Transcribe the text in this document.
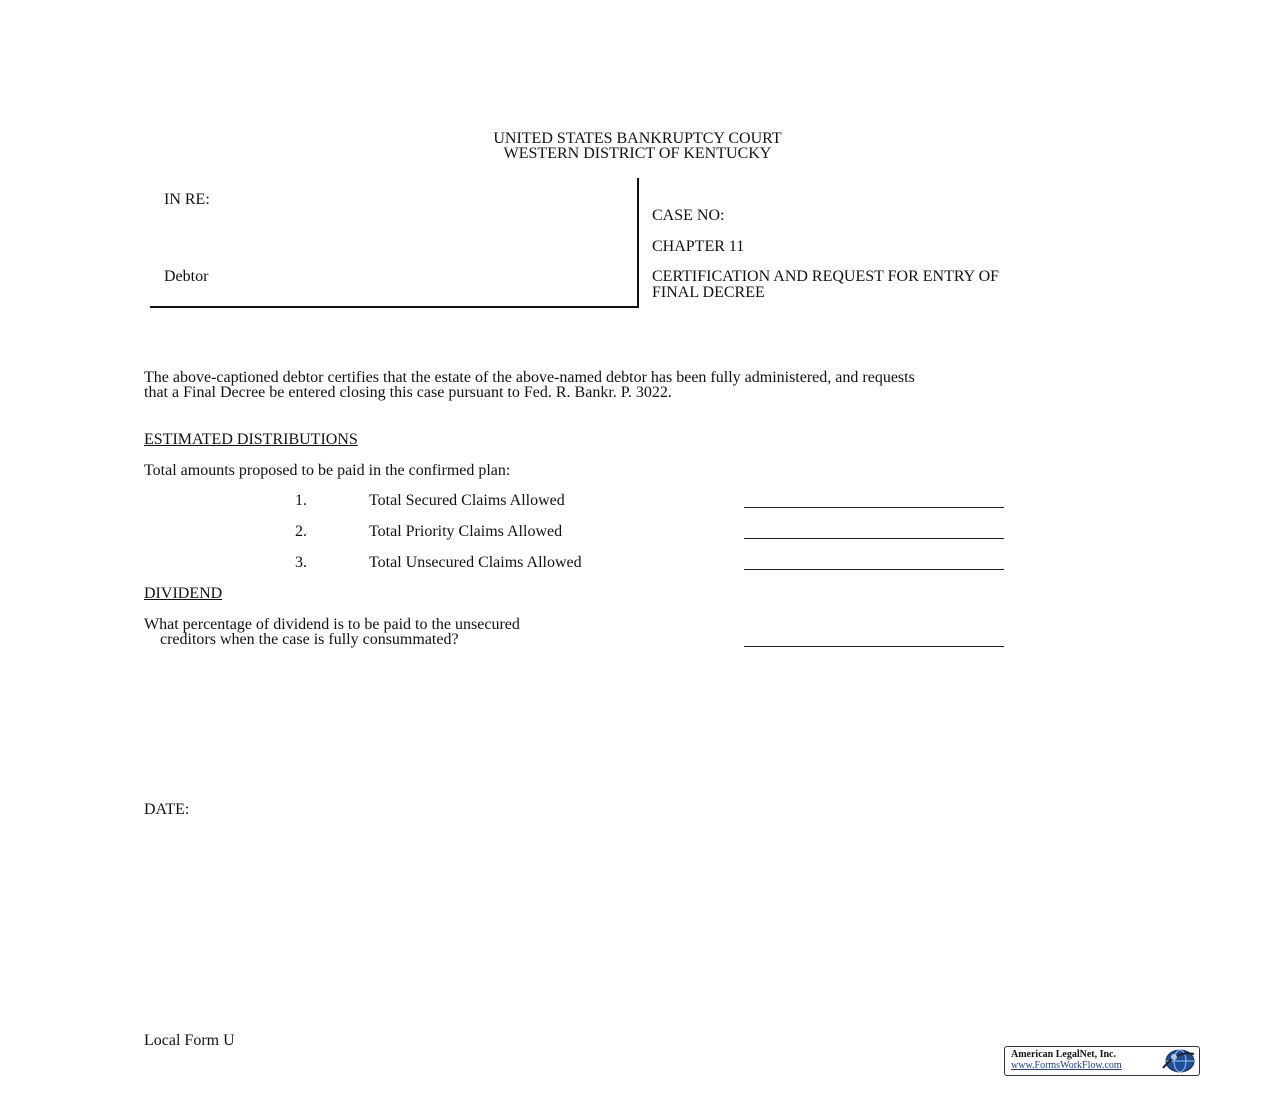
UNITED STATES BANKRUPTCY COURT
WESTERN DISTRICT OF KENTUCKY
IN RE:
Debtor
CASE NO:
CHAPTER 11
CERTIFICATION AND REQUEST FOR ENTRY OF
FINAL DECREE
The above-captioned debtor certifies that the estate of the above-named debtor has been fully administered, and requests
that a Final Decree be entered closing this case pursuant to Fed. R. Bankr. P. 3022.
ESTIMATED DISTRIBUTIONS
Total amounts proposed to be paid in the confirmed plan:
1.	Total Secured Claims Allowed
2.	Total Priority Claims Allowed
3.	Total Unsecured Claims Allowed
DIVIDEND
What percentage of dividend is to be paid to the unsecured
creditors when the case is fully consummated?
DATE:
Local Form U
American LegalNet, Inc.
www.FormsWorkFlow.com
